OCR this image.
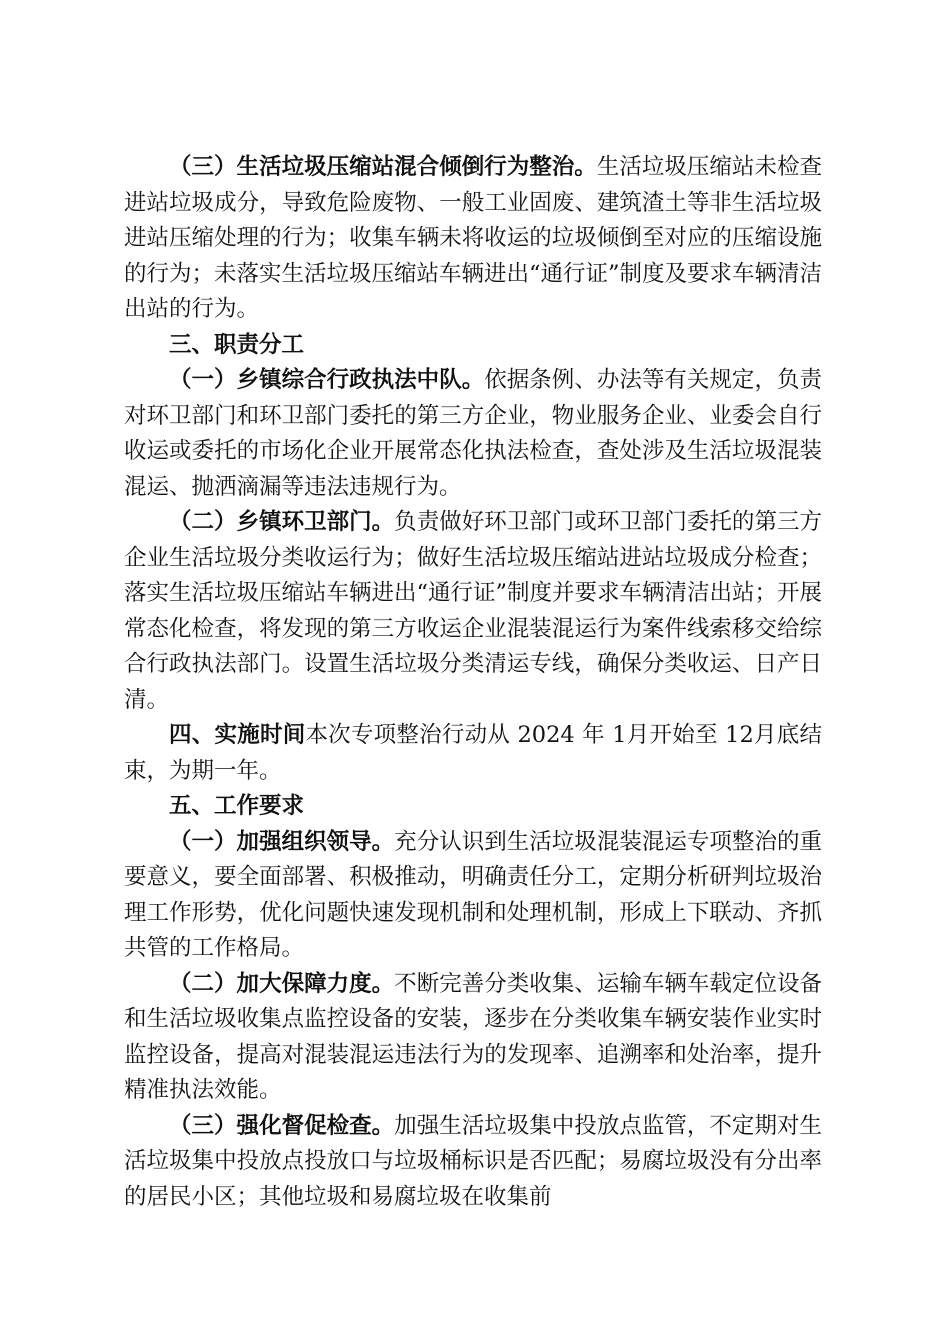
（三）生活垃圾压缩站混合倾倒行为整治。生活垃圾压缩站未检查进站垃圾成分，导致危险废物、一般工业固废、建筑渣土等非生活垃圾进站压缩处理的行为；收集车辆未将收运的垃圾倾倒至对应的压缩设施的行为；未落实生活垃圾压缩站车辆进出“通行证”制度及要求车辆清洁出站的行为。

三、职责分工

（一）乡镇综合行政执法中队。依据条例、办法等有关规定，负责对环卫部门和环卫部门委托的第三方企业，物业服务企业、业委会自行收运或委托的市场化企业开展常态化执法检查，查处涉及生活垃圾混装混运、抛洒滴漏等违法违规行为。

（二）乡镇环卫部门。负责做好环卫部门或环卫部门委托的第三方企业生活垃圾分类收运行为；做好生活垃圾压缩站进站垃圾成分检查；落实生活垃圾压缩站车辆进出“通行证”制度并要求车辆清洁出站；开展常态化检查，将发现的第三方收运企业混装混运行为案件线索移交给综合行政执法部门。设置生活垃圾分类清运专线，确保分类收运、日产日清。

四、实施时间本次专项整治行动从 2024 年 1月开始至 12月底结束，为期一年。

五、工作要求

（一）加强组织领导。充分认识到生活垃圾混装混运专项整治的重要意义，要全面部署、积极推动，明确责任分工，定期分析研判垃圾治理工作形势，优化问题快速发现机制和处理机制，形成上下联动、齐抓共管的工作格局。

（二）加大保障力度。不断完善分类收集、运输车辆车载定位设备和生活垃圾收集点监控设备的安装，逐步在分类收集车辆安装作业实时监控设备，提高对混装混运违法行为的发现率、追溯率和处治率，提升精准执法效能。

（三）强化督促检查。加强生活垃圾集中投放点监管，不定期对生活垃圾集中投放点投放口与垃圾桶标识是否匹配；易腐垃圾没有分出率的居民小区；其他垃圾和易腐垃圾在收集前
